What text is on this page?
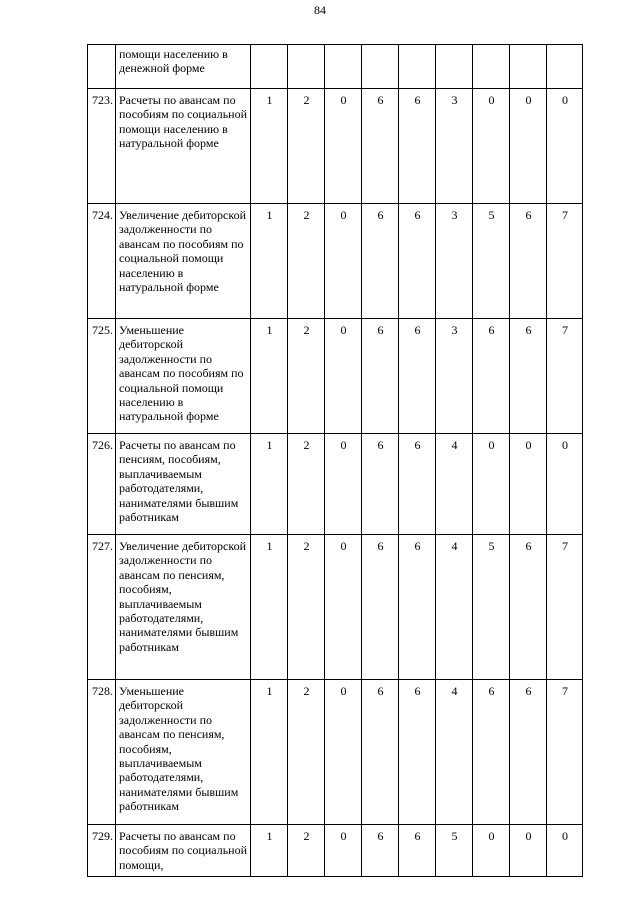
84
	помощи населению в денежной форме									
723.	Расчеты по авансам по пособиям по социальной помощи населению в натуральной форме	1	2	0	6	6	3	0	0	0
724.	Увеличение дебиторской задолженности по авансам по пособиям по социальной помощи населению в натуральной форме	1	2	0	6	6	3	5	6	7
725.	Уменьшение дебиторской задолженности по авансам по пособиям по социальной помощи населению в натуральной форме	1	2	0	6	6	3	6	6	7
726.	Расчеты по авансам по пенсиям, пособиям, выплачиваемым работодателями, нанимателями бывшим работникам	1	2	0	6	6	4	0	0	0
727.	Увеличение дебиторской задолженности по авансам по пенсиям, пособиям, выплачиваемым работодателями, нанимателями бывшим работникам	1	2	0	6	6	4	5	6	7
728.	Уменьшение дебиторской задолженности по авансам по пенсиям, пособиям, выплачиваемым работодателями, нанимателями бывшим работникам	1	2	0	6	6	4	6	6	7
729.	Расчеты по авансам по пособиям по социальной помощи,	1	2	0	6	6	5	0	0	0
